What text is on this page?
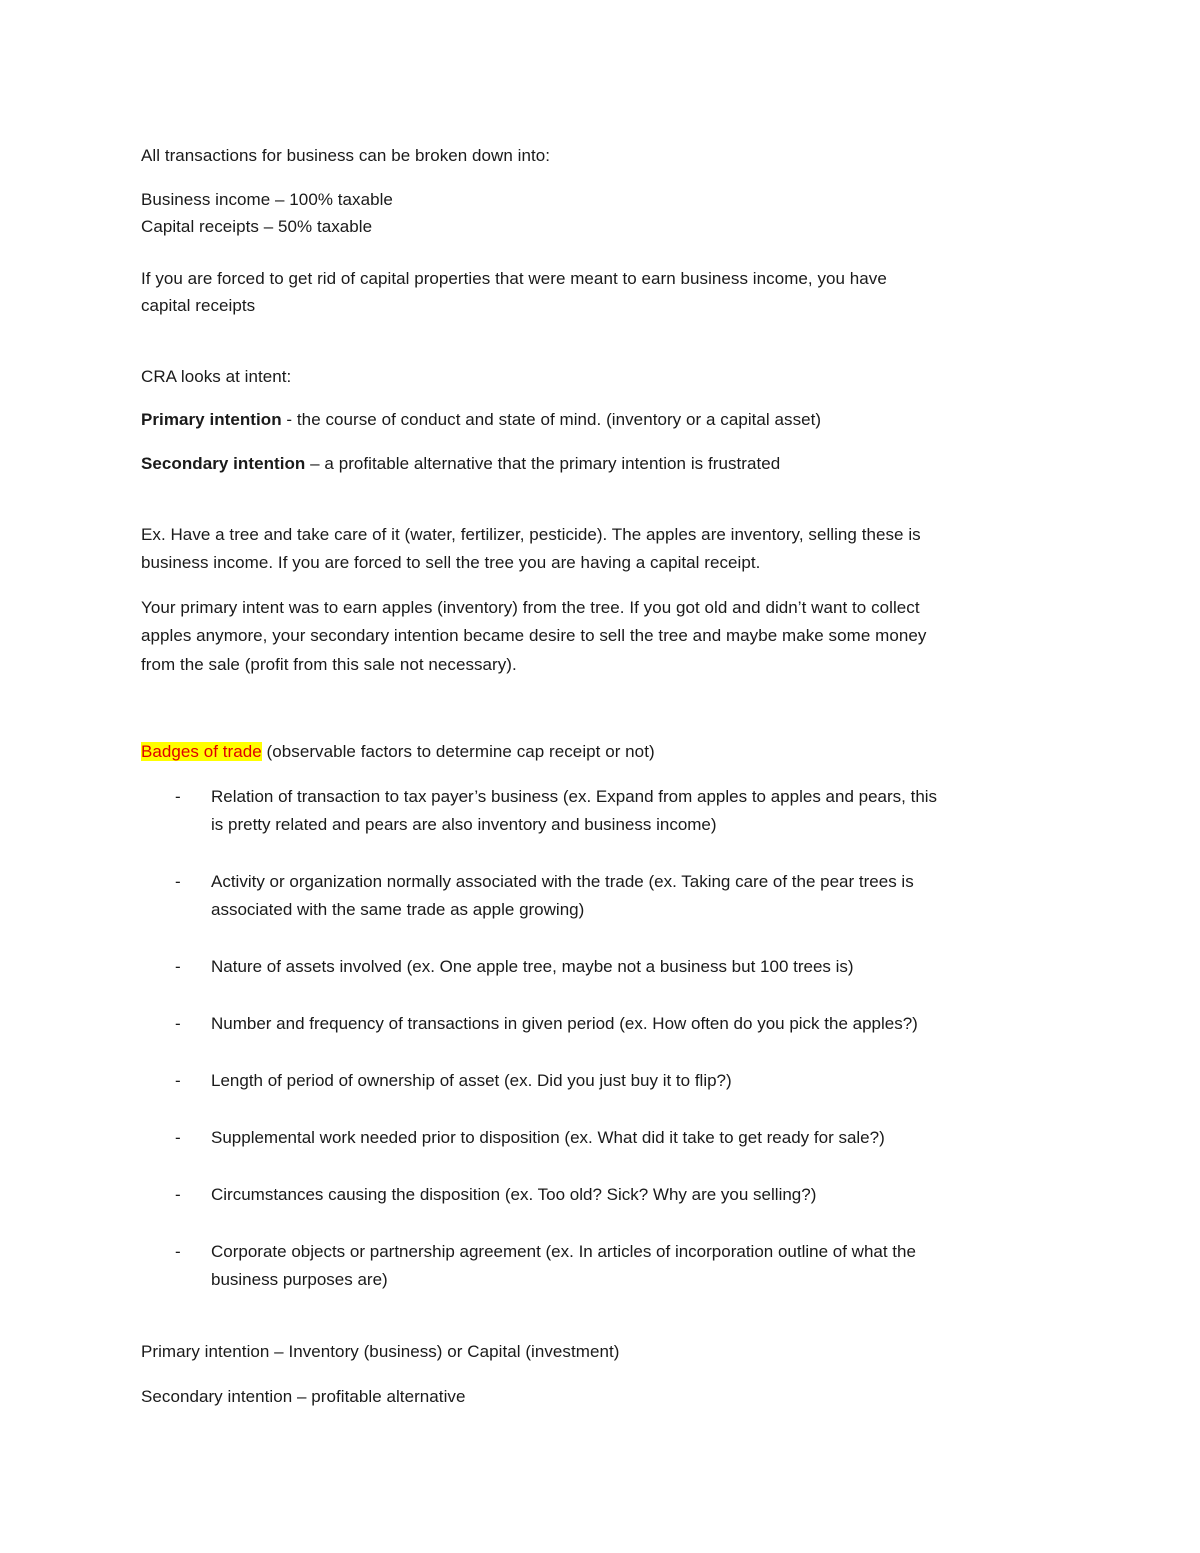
All transactions for business can be broken down into:
Business income – 100% taxable
Capital receipts – 50% taxable
If you are forced to get rid of capital properties that were meant to earn business income, you have
capital receipts
CRA looks at intent:
Primary intention - the course of conduct and state of mind. (inventory or a capital asset)
Secondary intention – a profitable alternative that the primary intention is frustrated
Ex. Have a tree and take care of it (water, fertilizer, pesticide). The apples are inventory, selling these is
business income. If you are forced to sell the tree you are having a capital receipt.
Your primary intent was to earn apples (inventory) from the tree. If you got old and didn’t want to collect
apples anymore, your secondary intention became desire to sell the tree and maybe make some money
from the sale (profit from this sale not necessary).
Badges of trade (observable factors to determine cap receipt or not)
- Relation of transaction to tax payer’s business (ex. Expand from apples to apples and pears, this
is pretty related and pears are also inventory and business income)
- Activity or organization normally associated with the trade (ex. Taking care of the pear trees is
associated with the same trade as apple growing)
- Nature of assets involved (ex. One apple tree, maybe not a business but 100 trees is)
- Number and frequency of transactions in given period (ex. How often do you pick the apples?)
- Length of period of ownership of asset (ex. Did you just buy it to flip?)
- Supplemental work needed prior to disposition (ex. What did it take to get ready for sale?)
- Circumstances causing the disposition (ex. Too old? Sick? Why are you selling?)
- Corporate objects or partnership agreement (ex. In articles of incorporation outline of what the
business purposes are)
Primary intention – Inventory (business) or Capital (investment)
Secondary intention – profitable alternative
